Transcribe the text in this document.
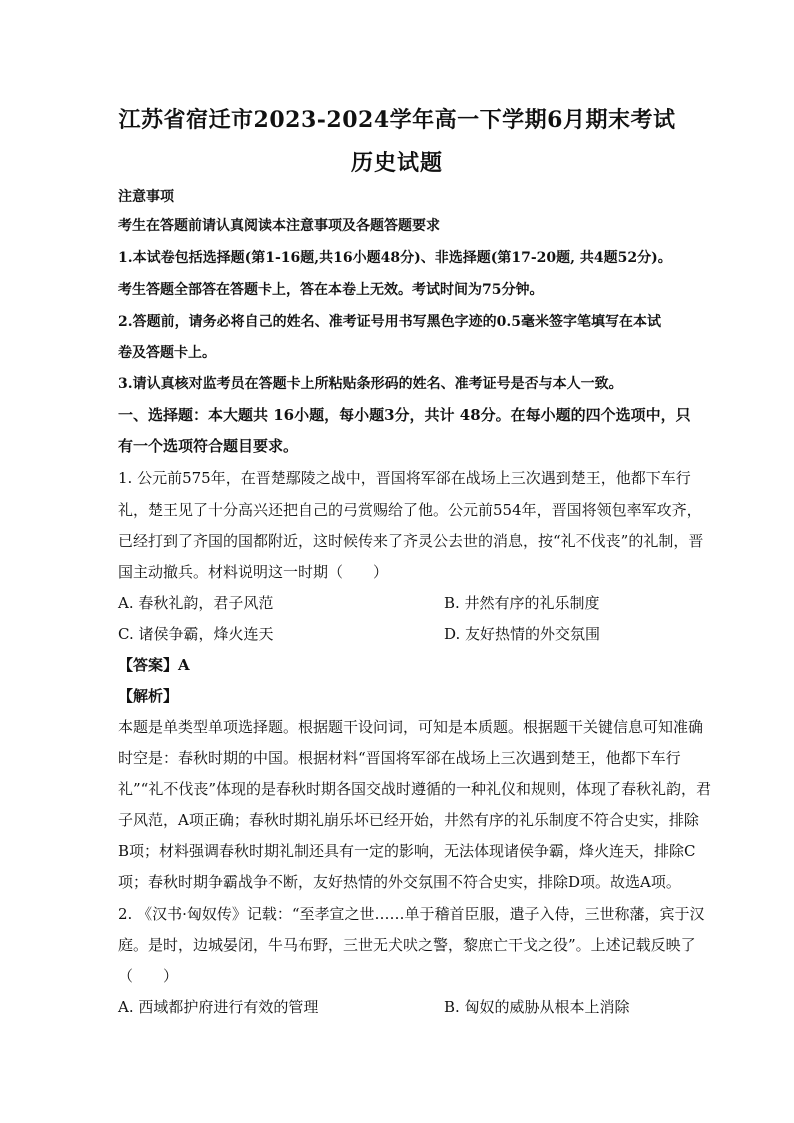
江苏省宿迁市2023-2024学年高一下学期6月期末考试
历史试题
注意事项
考生在答题前请认真阅读本注意事项及各题答题要求
1.本试卷包括选择题(第1-16题,共16小题48分)、非选择题(第17-20题, 共4题52分)。
考生答题全部答在答题卡上，答在本卷上无效。考试时间为75分钟。
2.答题前，请务必将自己的姓名、准考证号用书写黑色字迹的0.5毫米签字笔填写在本试
卷及答题卡上。
3.请认真核对监考员在答题卡上所粘贴条形码的姓名、准考证号是否与本人一致。
一、选择题：本大题共 16小题，每小题3分，共计 48分。在每小题的四个选项中，只
有一个选项符合题目要求。
1. 公元前575年，在晋楚鄢陵之战中，晋国将军郤在战场上三次遇到楚王，他都下车行
礼，楚王见了十分高兴还把自己的弓赏赐给了他。公元前554年，晋国将领包率军攻齐，
已经打到了齐国的国都附近，这时候传来了齐灵公去世的消息，按“礼不伐丧”的礼制，晋
国主动撤兵。材料说明这一时期（　　）
A. 春秋礼韵，君子风范	B. 井然有序的礼乐制度
C. 诸侯争霸，烽火连天	D. 友好热情的外交氛围
【答案】A
【解析】
本题是单类型单项选择题。根据题干设问词，可知是本质题。根据题干关键信息可知准确
时空是：春秋时期的中国。根据材料“晋国将军郤在战场上三次遇到楚王，他都下车行
礼”“礼不伐丧”体现的是春秋时期各国交战时遵循的一种礼仪和规则，体现了春秋礼韵，君
子风范，A项正确；春秋时期礼崩乐坏已经开始，井然有序的礼乐制度不符合史实，排除
B项；材料强调春秋时期礼制还具有一定的影响，无法体现诸侯争霸，烽火连天，排除C
项；春秋时期争霸战争不断，友好热情的外交氛围不符合史实，排除D项。故选A项。
2. 《汉书·匈奴传》记载：“至孝宣之世……单于稽首臣服，遣子入侍，三世称藩，宾于汉
庭。是时，边城晏闭，牛马布野，三世无犬吠之警，黎庶亡干戈之役”。上述记载反映了
（　　）
A. 西域都护府进行有效的管理	B. 匈奴的威胁从根本上消除
